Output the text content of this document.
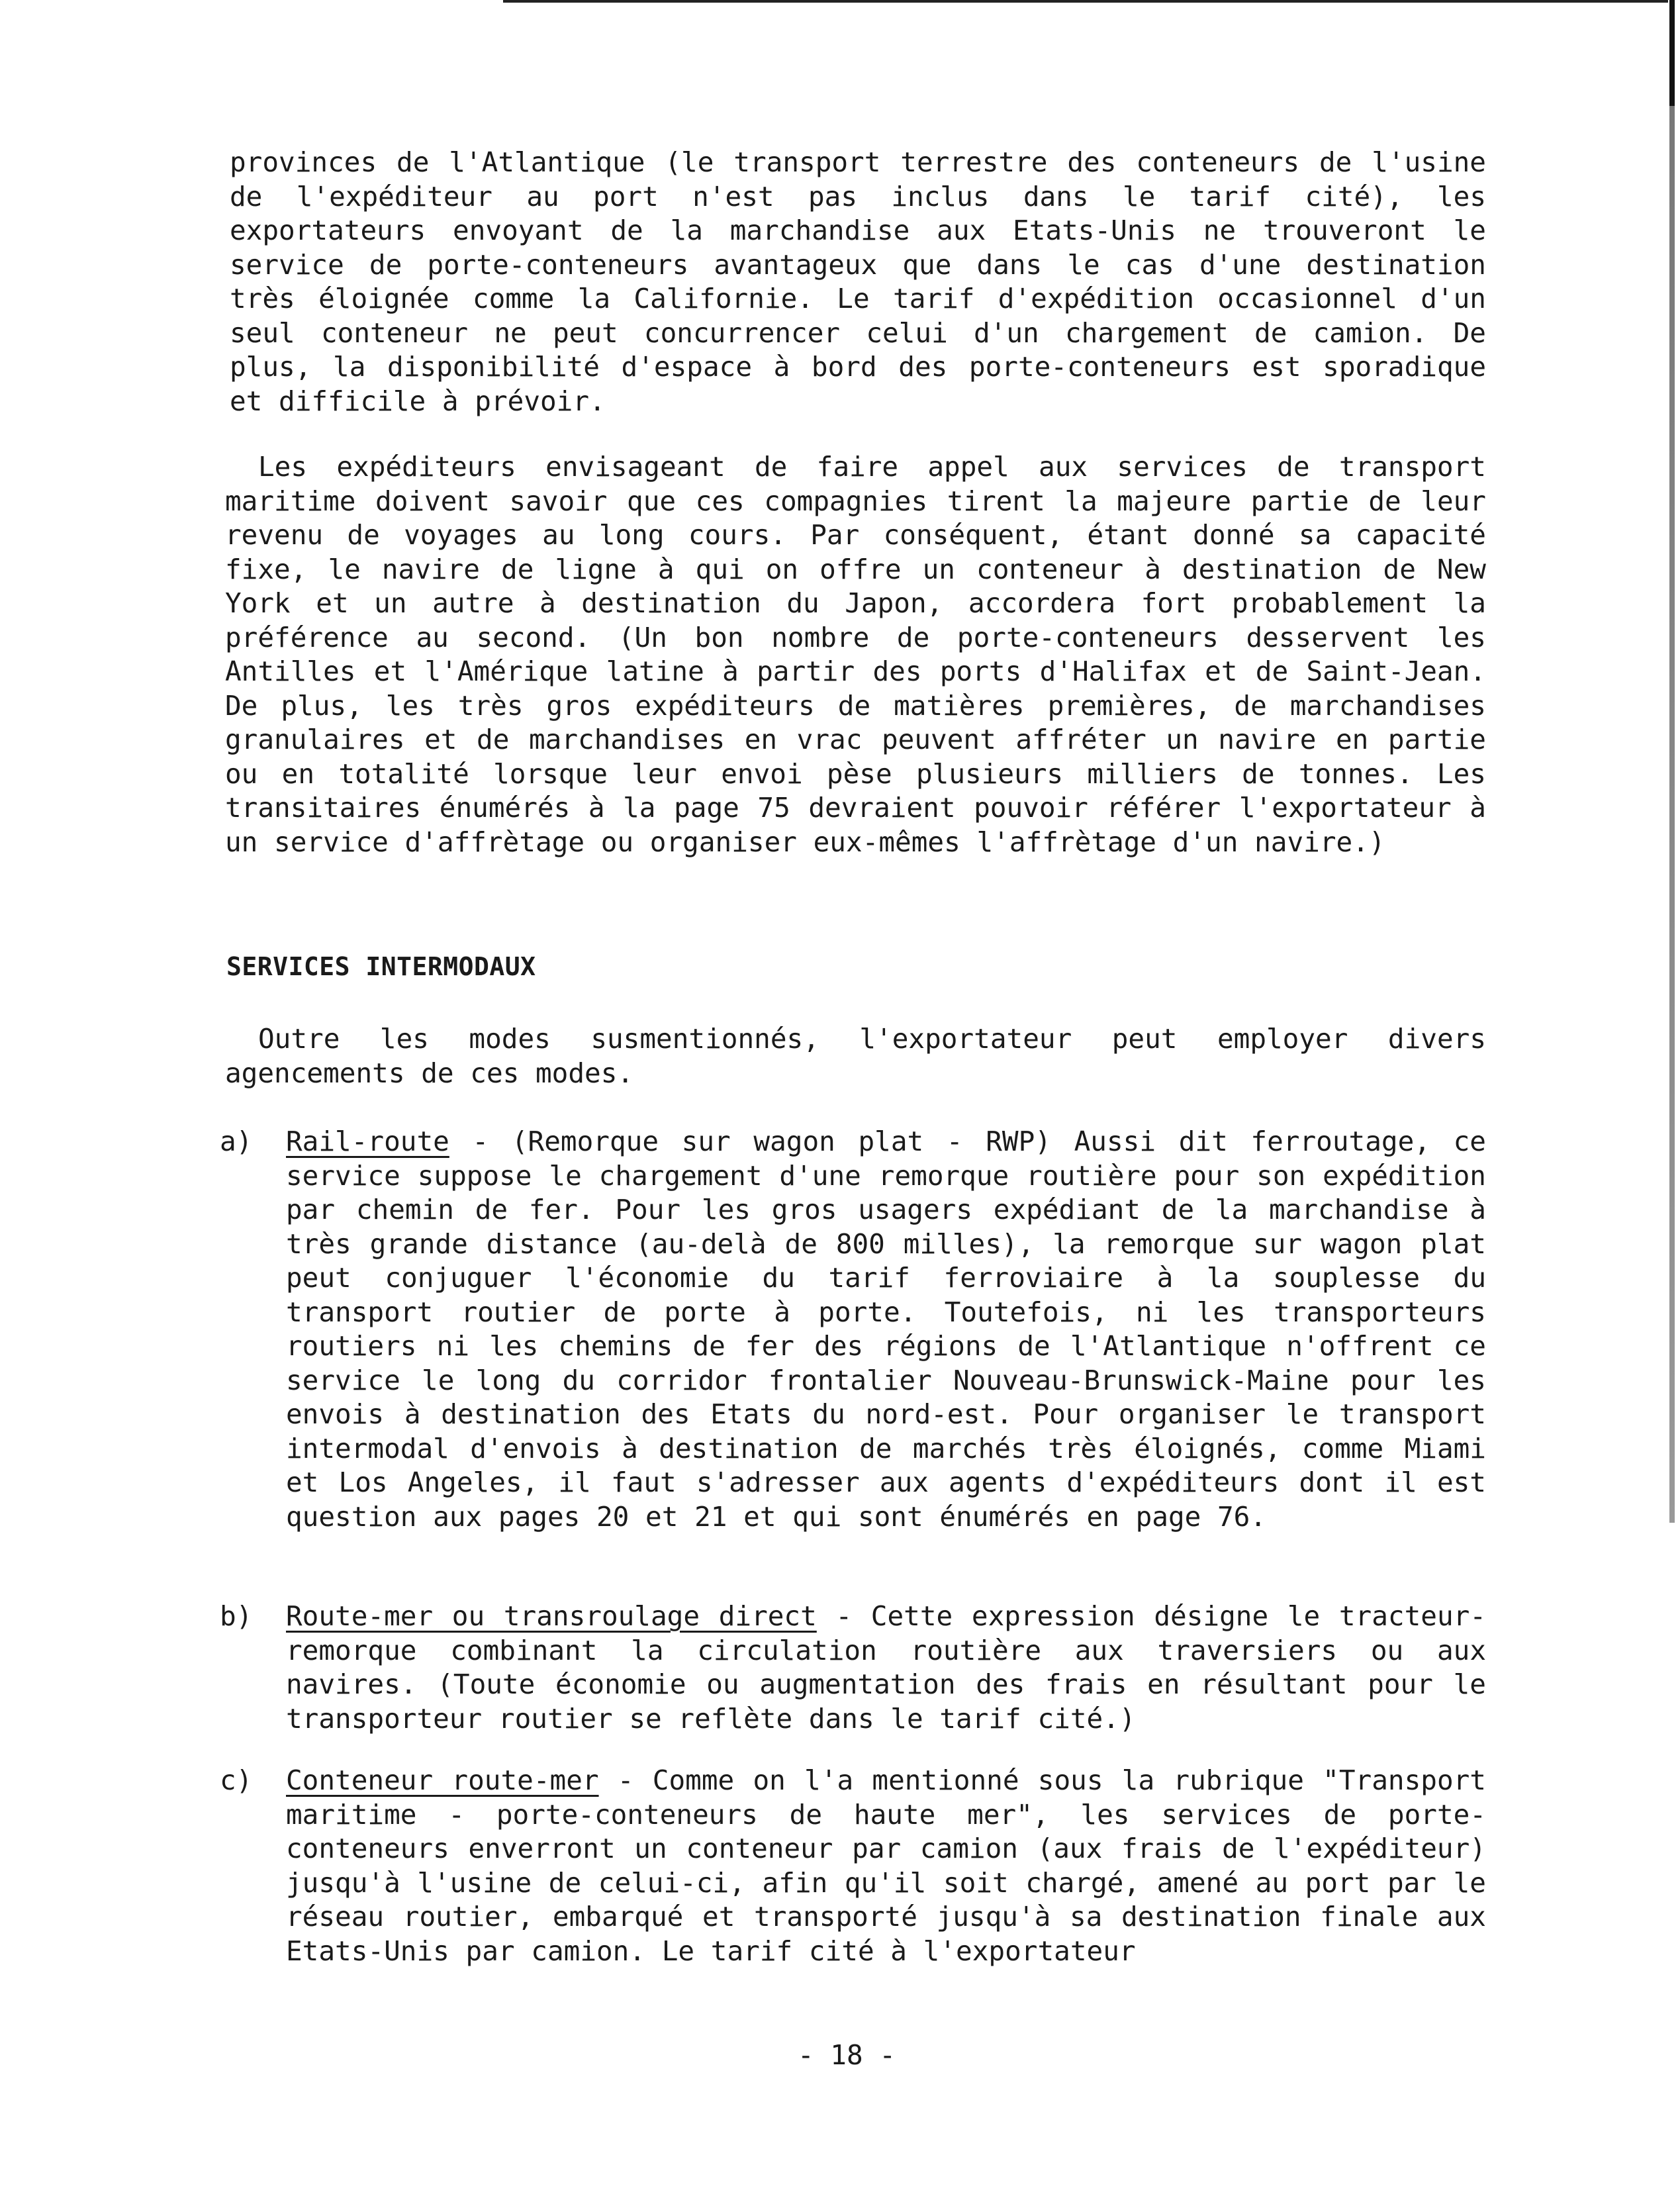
provinces de l'Atlantique (le transport terrestre des conteneurs de l'usine de l'expéditeur au port n'est pas inclus dans le tarif cité), les exportateurs envoyant de la marchandise aux Etats-Unis ne trouveront le service de porte-conteneurs avantageux que dans le cas d'une destination très éloignée comme la Californie. Le tarif d'expédition occasionnel d'un seul conteneur ne peut concurrencer celui d'un chargement de camion. De plus, la disponibilité d'espace à bord des porte-conteneurs est sporadique et difficile à prévoir.
Les expéditeurs envisageant de faire appel aux services de transport maritime doivent savoir que ces compagnies tirent la majeure partie de leur revenu de voyages au long cours. Par conséquent, étant donné sa capacité fixe, le navire de ligne à qui on offre un conteneur à destination de New York et un autre à destination du Japon, accordera fort probablement la préférence au second. (Un bon nombre de porte-conteneurs desservent les Antilles et l'Amérique latine à partir des ports d'Halifax et de Saint-Jean. De plus, les très gros expéditeurs de matières premières, de marchandises granulaires et de marchandises en vrac peuvent affréter un navire en partie ou en totalité lorsque leur envoi pèse plusieurs milliers de tonnes. Les transitaires énumérés à la page 75 devraient pouvoir référer l'exportateur à un service d'affrètage ou organiser eux-mêmes l'affrètage d'un navire.)
SERVICES INTERMODAUX
Outre les modes susmentionnés, l'exportateur peut employer divers agencements de ces modes.
a)	Rail-route - (Remorque sur wagon plat - RWP) Aussi dit ferroutage, ce service suppose le chargement d'une remorque routière pour son expédition par chemin de fer. Pour les gros usagers expédiant de la marchandise à très grande distance (au-delà de 800 milles), la remorque sur wagon plat peut conjuguer l'économie du tarif ferroviaire à la souplesse du transport routier de porte à porte. Toutefois, ni les transporteurs routiers ni les chemins de fer des régions de l'Atlantique n'offrent ce service le long du corridor frontalier Nouveau-Brunswick-Maine pour les envois à destination des Etats du nord-est. Pour organiser le transport intermodal d'envois à destination de marchés très éloignés, comme Miami et Los Angeles, il faut s'adresser aux agents d'expéditeurs dont il est question aux pages 20 et 21 et qui sont énumérés en page 76.
b)	Route-mer ou transroulage direct - Cette expression désigne le tracteur-remorque combinant la circulation routière aux traversiers ou aux navires. (Toute économie ou augmentation des frais en résultant pour le transporteur routier se reflète dans le tarif cité.)
c)	Conteneur route-mer - Comme on l'a mentionné sous la rubrique "Transport maritime - porte-conteneurs de haute mer", les services de porte-conteneurs enverront un conteneur par camion (aux frais de l'expéditeur) jusqu'à l'usine de celui-ci, afin qu'il soit chargé, amené au port par le réseau routier, embarqué et transporté jusqu'à sa destination finale aux Etats-Unis par camion. Le tarif cité à l'exportateur
- 18 -
